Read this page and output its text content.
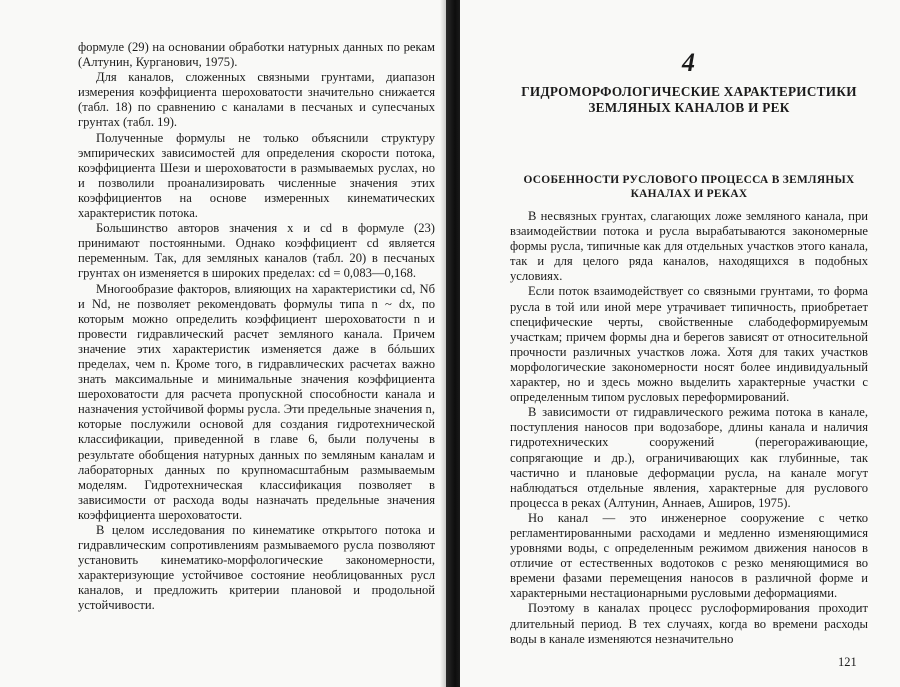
формуле (29) на основании обработки натурных данных по рекам (Алтунин, Курганович, 1975).

Для каналов, сложенных связными грунтами, диапазон измерения коэффициента шероховатости значительно снижается (табл. 18) по сравнению с каналами в песчаных и супесчаных грунтах (табл. 19).

Полученные формулы не только объяснили структуру эмпирических зависимостей для определения скорости потока, коэффициента Шези и шероховатости в размываемых руслах, но и позволили проанализировать численные значения этих коэффициентов на основе измеренных кинематических характеристик потока.

Большинство авторов значения x и cd в формуле (23) принимают постоянными. Однако коэффициент cd является переменным. Так, для земляных каналов (табл. 20) в песчаных грунтах он изменяется в широких пределах: cd = 0,083—0,168.

Многообразие факторов, влияющих на характеристики cd, Nб и Nd, не позволяет рекомендовать формулы типа n ~ dx, по которым можно определить коэффициент шероховатости n и провести гидравлический расчет земляного канала. Причем значение этих характеристик изменяется даже в бóльших пределах, чем n. Кроме того, в гидравлических расчетах важно знать максимальные и минимальные значения коэффициента шероховатости для расчета пропускной способности канала и назначения устойчивой формы русла. Эти предельные значения n, которые послужили основой для создания гидротехнической классификации, приведенной в главе 6, были получены в результате обобщения натурных данных по земляным каналам и лабораторных данных по крупномасштабным размываемым моделям. Гидротехническая классификация позволяет в зависимости от расхода воды назначать предельные значения коэффициента шероховатости.

В целом исследования по кинематике открытого потока и гидравлическим сопротивлениям размываемого русла позволяют установить кинематико-морфологические закономерности, характеризующие устойчивое состояние необлицованных русл каналов, и предложить критерии плановой и продольной устойчивости.

4
ГИДРОМОРФОЛОГИЧЕСКИЕ ХАРАКТЕРИСТИКИ ЗЕМЛЯНЫХ КАНАЛОВ И РЕК
ОСОБЕННОСТИ РУСЛОВОГО ПРОЦЕССА В ЗЕМЛЯНЫХ КАНАЛАХ И РЕКАХ

В несвязных грунтах, слагающих ложе земляного канала, при взаимодействии потока и русла вырабатываются закономерные формы русла, типичные как для отдельных участков этого канала, так и для целого ряда каналов, находящихся в подобных условиях.

Если поток взаимодействует со связными грунтами, то форма русла в той или иной мере утрачивает типичность, приобретает специфические черты, свойственные слабодеформируемым участкам; причем формы дна и берегов зависят от относительной прочности различных участков ложа. Хотя для таких участков морфологические закономерности носят более индивидуальный характер, но и здесь можно выделить характерные участки с определенным типом русловых переформирований.

В зависимости от гидравлического режима потока в канале, поступления наносов при водозаборе, длины канала и наличия гидротехнических сооружений (перегораживающие, сопрягающие и др.), ограничивающих как глубинные, так частично и плановые деформации русла, на канале могут наблюдаться отдельные явления, характерные для руслового процесса в реках (Алтунин, Аннаев, Аширов, 1975).

Но канал — это инженерное сооружение с четко регламентированными расходами и медленно изменяющимися уровнями воды, с определенным режимом движения наносов в отличие от естественных водотоков с резко меняющимися во времени фазами перемещения наносов в различной форме и характерными нестационарными русловыми деформациями.

Поэтому в каналах процесс руслоформирования проходит длительный период. В тех случаях, когда во времени расходы воды в канале изменяются незначительно

121
